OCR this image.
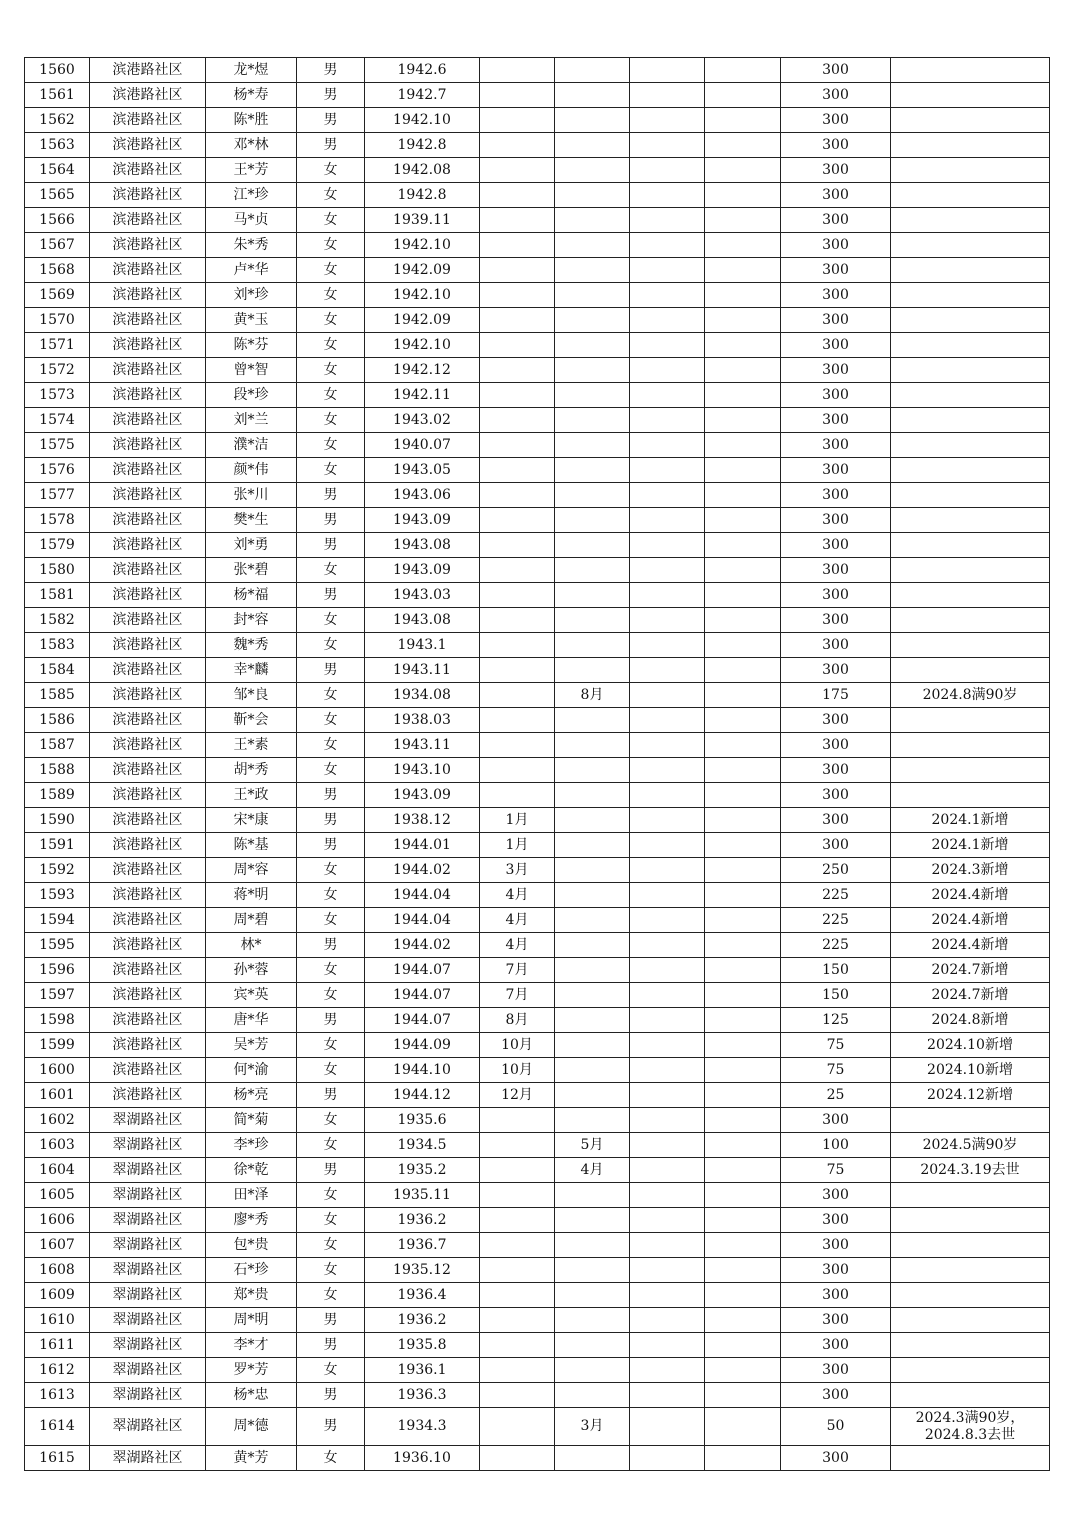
1560	滨港路社区	龙*煜	男	1942.6					300	
1561	滨港路社区	杨*寿	男	1942.7					300	
1562	滨港路社区	陈*胜	男	1942.10					300	
1563	滨港路社区	邓*林	男	1942.8					300	
1564	滨港路社区	王*芳	女	1942.08					300	
1565	滨港路社区	江*珍	女	1942.8					300	
1566	滨港路社区	马*贞	女	1939.11					300	
1567	滨港路社区	朱*秀	女	1942.10					300	
1568	滨港路社区	卢*华	女	1942.09					300	
1569	滨港路社区	刘*珍	女	1942.10					300	
1570	滨港路社区	黄*玉	女	1942.09					300	
1571	滨港路社区	陈*芬	女	1942.10					300	
1572	滨港路社区	曾*智	女	1942.12					300	
1573	滨港路社区	段*珍	女	1942.11					300	
1574	滨港路社区	刘*兰	女	1943.02					300	
1575	滨港路社区	濮*洁	女	1940.07					300	
1576	滨港路社区	颜*伟	女	1943.05					300	
1577	滨港路社区	张*川	男	1943.06					300	
1578	滨港路社区	樊*生	男	1943.09					300	
1579	滨港路社区	刘*勇	男	1943.08					300	
1580	滨港路社区	张*碧	女	1943.09					300	
1581	滨港路社区	杨*福	男	1943.03					300	
1582	滨港路社区	封*容	女	1943.08					300	
1583	滨港路社区	魏*秀	女	1943.1					300	
1584	滨港路社区	幸*麟	男	1943.11					300	
1585	滨港路社区	邹*良	女	1934.08		8月			175	2024.8满90岁
1586	滨港路社区	靳*会	女	1938.03					300	
1587	滨港路社区	王*素	女	1943.11					300	
1588	滨港路社区	胡*秀	女	1943.10					300	
1589	滨港路社区	王*政	男	1943.09					300	
1590	滨港路社区	宋*康	男	1938.12	1月				300	2024.1新增
1591	滨港路社区	陈*基	男	1944.01	1月				300	2024.1新增
1592	滨港路社区	周*容	女	1944.02	3月				250	2024.3新增
1593	滨港路社区	蒋*明	女	1944.04	4月				225	2024.4新增
1594	滨港路社区	周*碧	女	1944.04	4月				225	2024.4新增
1595	滨港路社区	林*	男	1944.02	4月				225	2024.4新增
1596	滨港路社区	孙*蓉	女	1944.07	7月				150	2024.7新增
1597	滨港路社区	宾*英	女	1944.07	7月				150	2024.7新增
1598	滨港路社区	唐*华	男	1944.07	8月				125	2024.8新增
1599	滨港路社区	吴*芳	女	1944.09	10月				75	2024.10新增
1600	滨港路社区	何*渝	女	1944.10	10月				75	2024.10新增
1601	滨港路社区	杨*亮	男	1944.12	12月				25	2024.12新增
1602	翠湖路社区	简*菊	女	1935.6					300	
1603	翠湖路社区	李*珍	女	1934.5		5月			100	2024.5满90岁
1604	翠湖路社区	徐*乾	男	1935.2		4月			75	2024.3.19去世
1605	翠湖路社区	田*泽	女	1935.11					300	
1606	翠湖路社区	廖*秀	女	1936.2					300	
1607	翠湖路社区	包*贵	女	1936.7					300	
1608	翠湖路社区	石*珍	女	1935.12					300	
1609	翠湖路社区	郑*贵	女	1936.4					300	
1610	翠湖路社区	周*明	男	1936.2					300	
1611	翠湖路社区	李*才	男	1935.8					300	
1612	翠湖路社区	罗*芳	女	1936.1					300	
1613	翠湖路社区	杨*忠	男	1936.3					300	
1614	翠湖路社区	周*德	男	1934.3		3月			50	2024.3满90岁，
2024.8.3去世
1615	翠湖路社区	黄*芳	女	1936.10					300	
